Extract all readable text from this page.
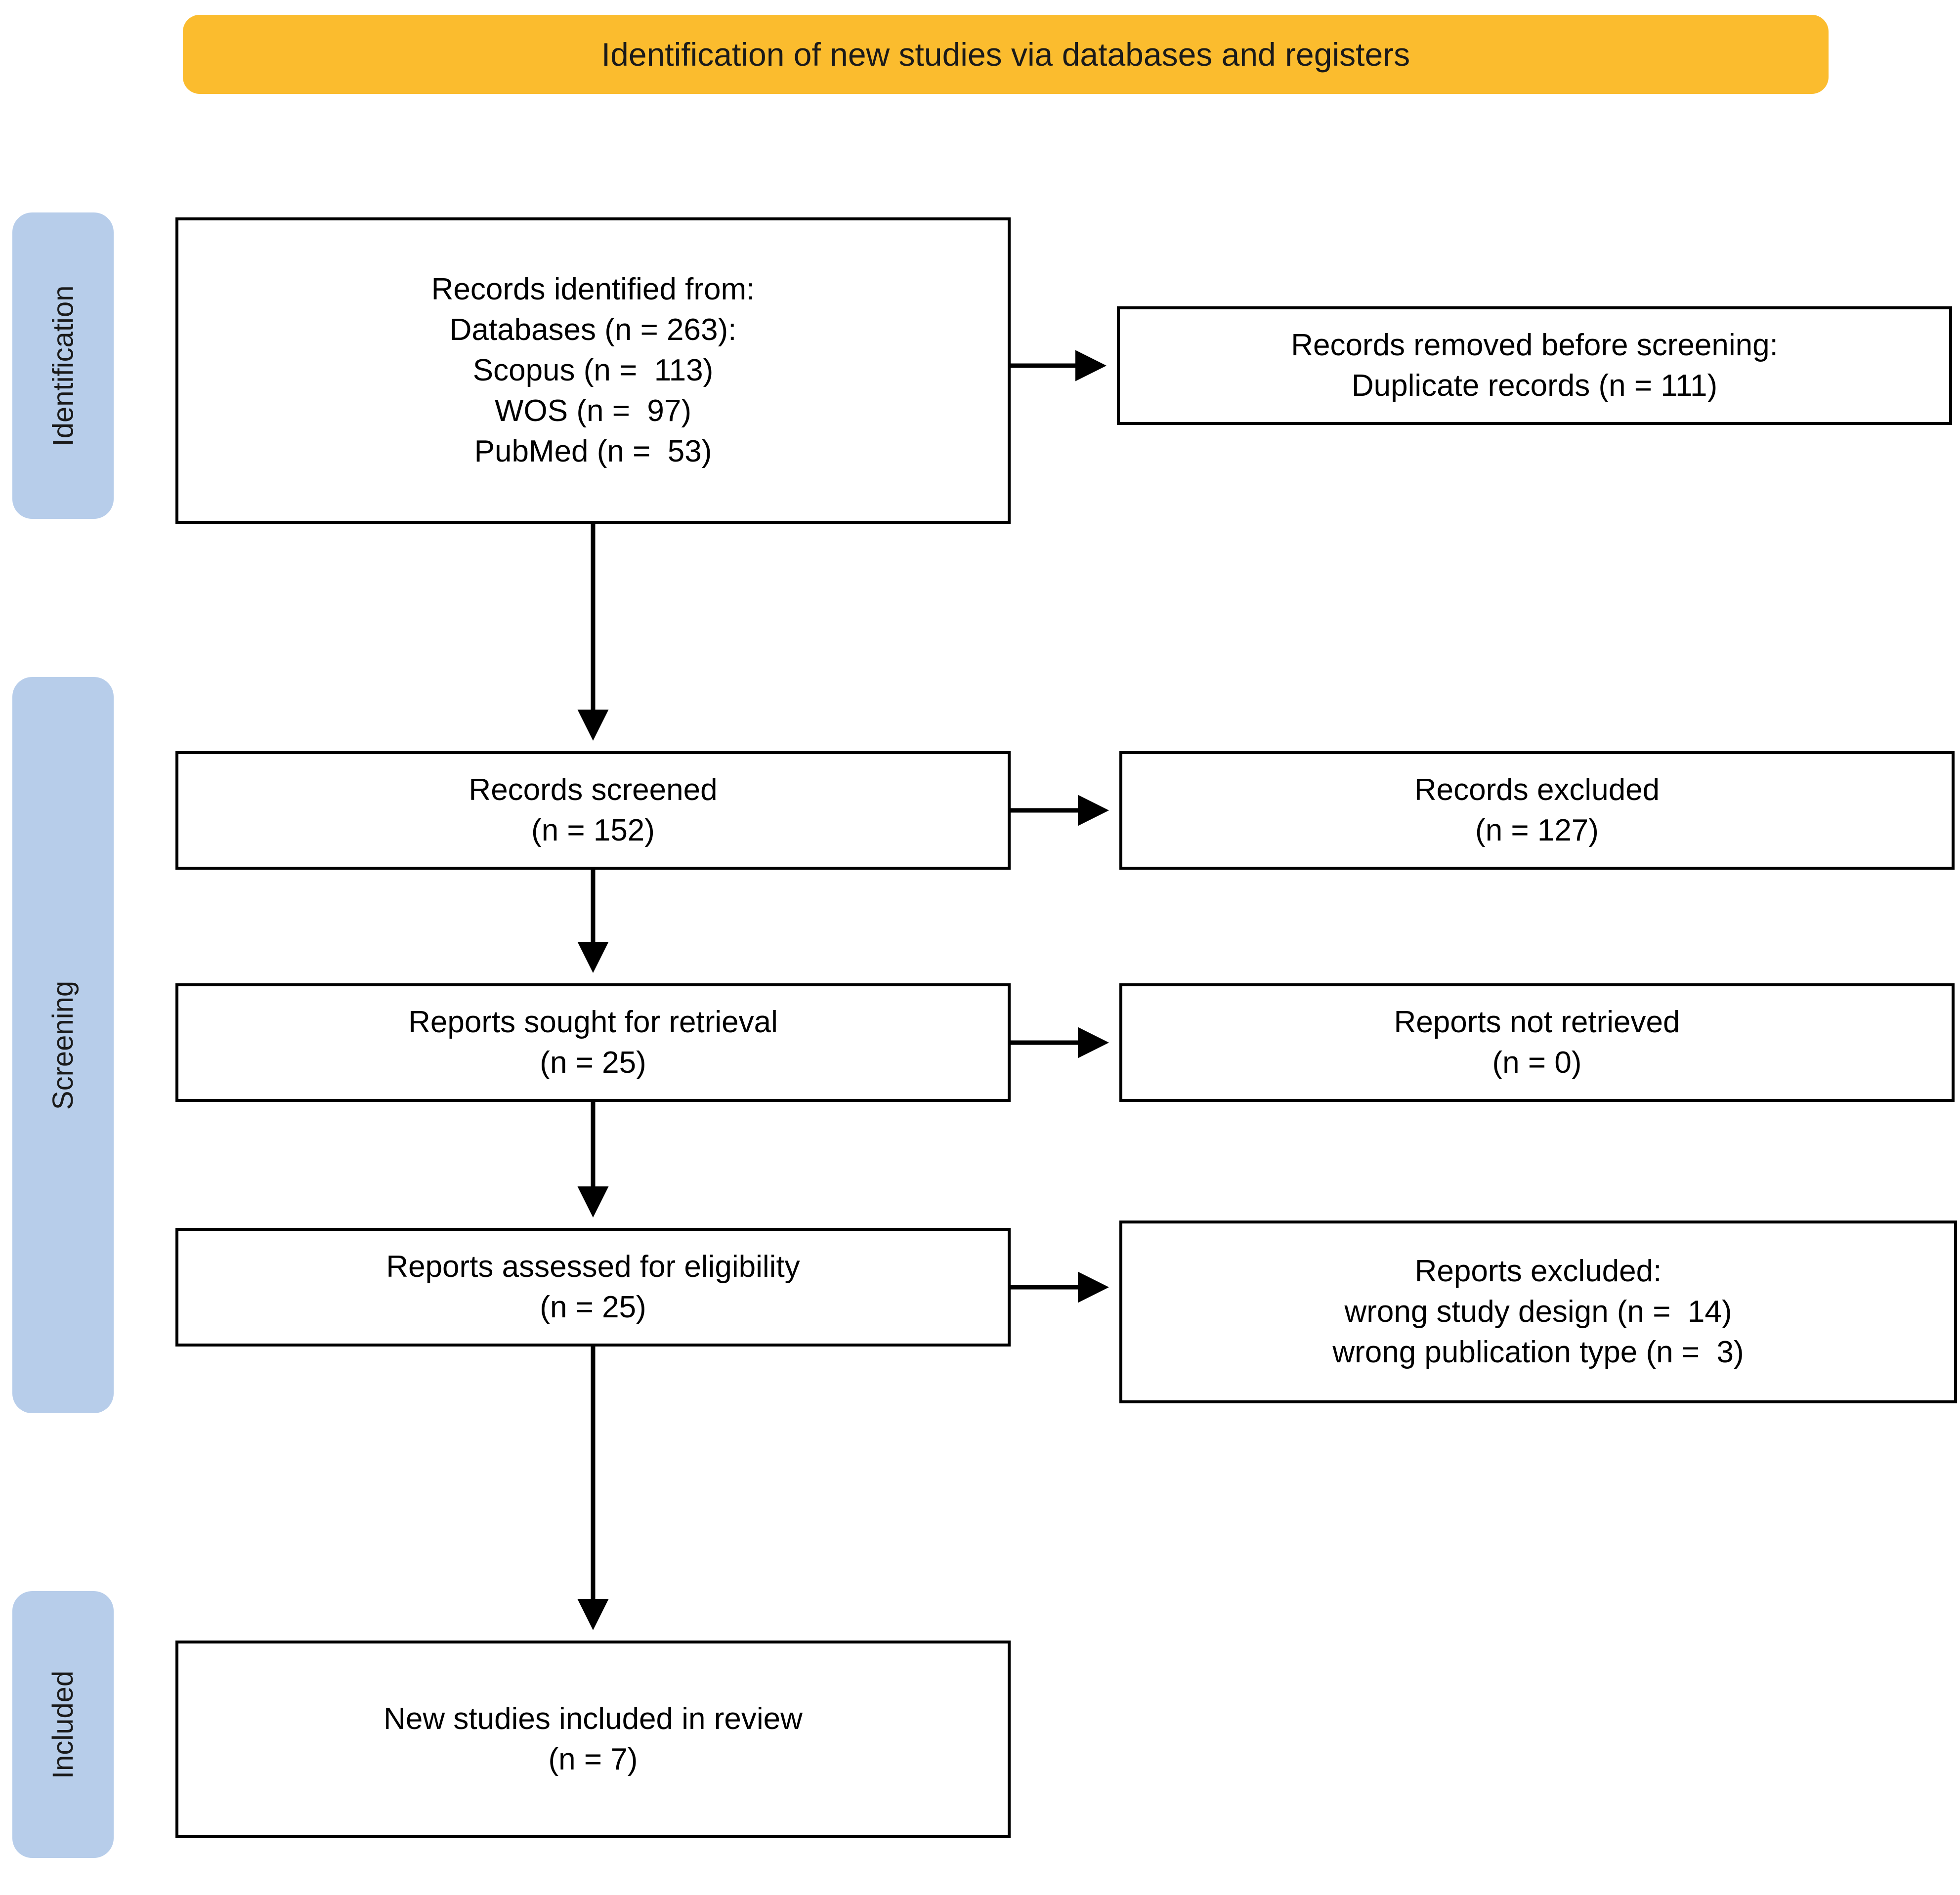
Identification of new studies via databases and registers
Identification
Screening
Included
Records identified from:
Databases (n = 263):
Scopus (n =  113)
WOS (n =  97)
PubMed (n =  53)
Records removed before screening:
Duplicate records (n = 111)
Records screened
(n = 152)
Records excluded
(n = 127)
Reports sought for retrieval
(n = 25)
Reports not retrieved
(n = 0)
Reports assessed for eligibility
(n = 25)
Reports excluded:
wrong study design (n =  14)
wrong publication type (n =  3)
New studies included in review
(n = 7)
